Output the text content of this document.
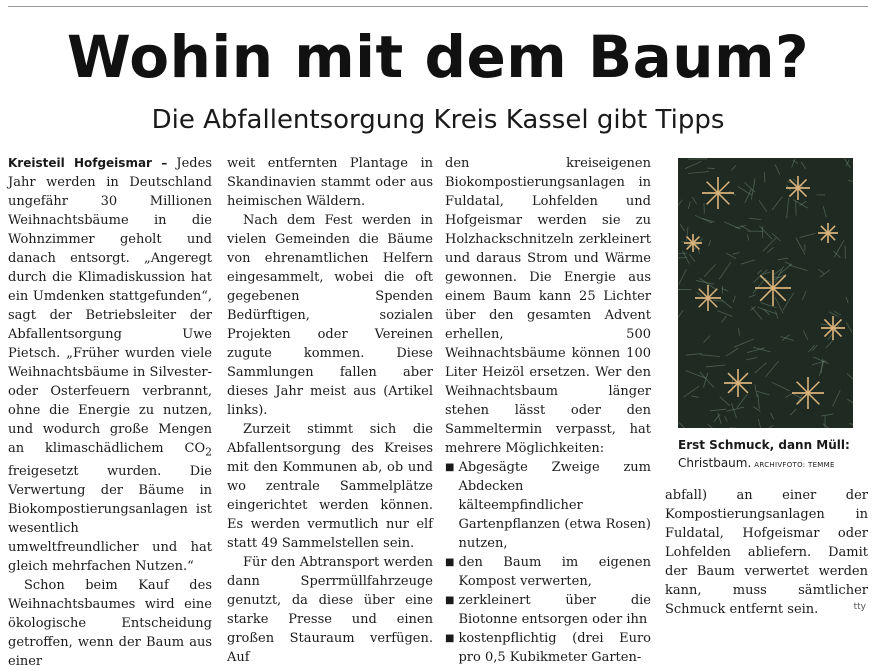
Wohin mit dem Baum?
Die Abfallentsorgung Kreis Kassel gibt Tipps

Kreisteil Hofgeismar – Jedes Jahr werden in Deutschland ungefähr 30 Millionen Weihnachtsbäume in die Wohnzimmer geholt und danach entsorgt. „Angeregt durch die Klimadiskussion hat ein Umdenken stattgefunden“, sagt der Betriebsleiter der Abfallentsorgung Uwe Pietsch. „Früher wurden viele Weihnachtsbäume in Silvester- oder Osterfeuern verbrannt, ohne die Energie zu nutzen, und wodurch große Mengen an klimaschädlichem $CO_2$ freigesetzt wurden. Die Verwertung der Bäume in Biokompostierungsanlagen ist wesentlich umweltfreundlicher und hat gleich mehrfachen Nutzen.“

Schon beim Kauf des Weihnachtsbaumes wird eine ökologische Entscheidung getroffen, wenn der Baum aus einer

weit entfernten Plantage in Skandinavien stammt oder aus heimischen Wäldern.

Nach dem Fest werden in vielen Gemeinden die Bäume von ehrenamtlichen Helfern eingesammelt, wobei die oft gegebenen Spenden Bedürftigen, sozialen Projekten oder Vereinen zugute kommen. Diese Sammlungen fallen aber dieses Jahr meist aus (Artikel links).

Zurzeit stimmt sich die Abfallentsorgung des Kreises mit den Kommunen ab, ob und wo zentrale Sammelplätze eingerichtet werden können. Es werden vermutlich nur elf statt 49 Sammelstellen sein.

Für den Abtransport werden dann Sperrmüllfahrzeuge genutzt, da diese über eine starke Presse und einen großen Stauraum verfügen. Auf

den kreiseigenen Biokompostierungsanlagen in Fuldatal, Lohfelden und Hofgeismar werden sie zu Holzhackschnitzeln zerkleinert und daraus Strom und Wärme gewonnen. Die Energie aus einem Baum kann 25 Lichter über den gesamten Advent erhellen, 500 Weihnachtsbäume können 100 Liter Heizöl ersetzen. Wer den Weihnachtsbaum länger stehen lässt oder den Sammeltermin verpasst, hat mehrere Möglichkeiten:

■ Abgesägte Zweige zum Abdecken kälteempfindlicher Gartenpflanzen (etwa Rosen) nutzen,
■ den Baum im eigenen Kompost verwerten,
■ zerkleinert über die Biotonne entsorgen oder ihn
■ kostenpflichtig (drei Euro pro 0,5 Kubikmeter Garten-
Erst Schmuck, dann Müll:
Christbaum. ARCHIVFOTO: TEMME

abfall) an einer der Kompostierungsanlagen in Fuldatal, Hofgeismar oder Lohfelden abliefern. Damit der Baum verwertet werden kann, muss sämtlicher Schmuck entfernt sein.	tty
